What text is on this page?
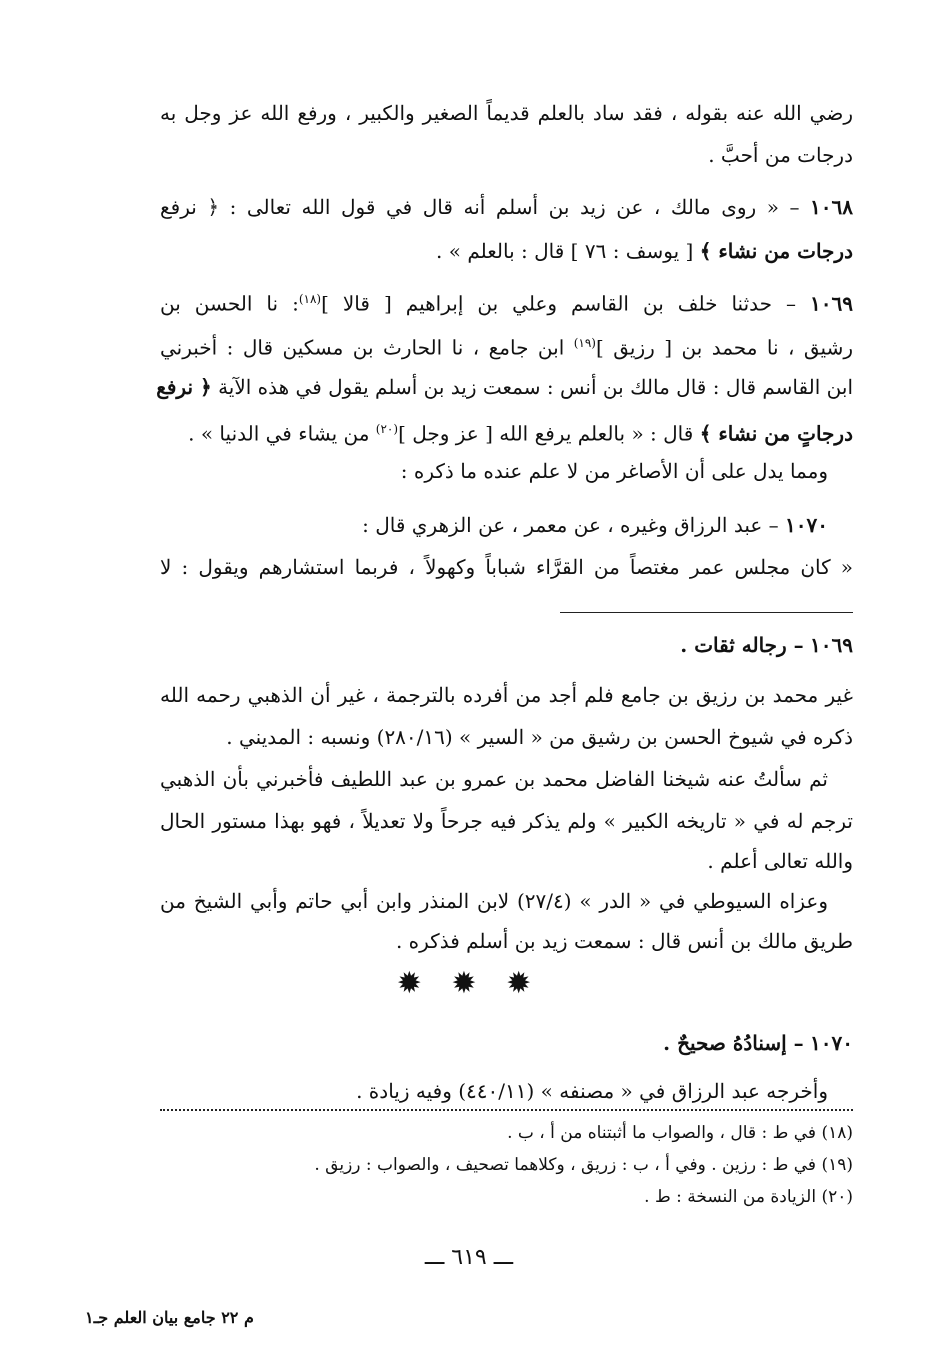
رضي الله عنه بقوله ، فقد ساد بالعلم قديماً الصغير والكبير ، ورفع الله عز وجل به
درجات من أحبَّ .
١٠٦٨ – « روى مالك ، عن زيد بن أسلم أنه قال في قول الله تعالى : ﴿ نرفع
درجات من نشاء ﴾ [ يوسف : ٧٦ ] قال : بالعلم » .
١٠٦٩ – حدثنا خلف بن القاسم وعلي بن إبراهيم [ قالا ]$^{(١٨)}$: نا الحسن بن
رشيق ، نا محمد بن [ رزيق ]$^{(١٩)}$ ابن جامع ، نا الحارث بن مسكين قال : أخبرني
ابن القاسم قال : قال مالك بن أنس : سمعت زيد بن أسلم يقول في هذه الآية ﴿ نرفع
درجاتٍ من نشاء ﴾ قال : « بالعلم يرفع الله [ عز وجل ]$^{(٢٠)}$ من يشاء في الدنيا » .
ومما يدل على أن الأصاغر من لا علم عنده ما ذكره :
١٠٧٠ – عبد الرزاق وغيره ، عن معمر ، عن الزهري قال :
« كان مجلس عمر مغتصاً من القرَّاء شباباً وكهولاً ، فربما استشارهم ويقول : لا
١٠٦٩ – رجاله ثقات .
غير محمد بن رزيق بن جامع فلم أجد من أفرده بالترجمة ، غير أن الذهبي رحمه الله
ذكره في شيوخ الحسن بن رشيق من « السير » (٢٨٠/١٦) ونسبه : المديني .
ثم سألتُ عنه شيخنا الفاضل محمد بن عمرو بن عبد اللطيف فأخبرني بأن الذهبي
ترجم له في « تاريخه الكبير » ولم يذكر فيه جرحاً ولا تعديلاً ، فهو بهذا مستور الحال
والله تعالى أعلم .
وعزاه السيوطي في « الدر » (٢٧/٤) لابن المنذر وابن أبي حاتم وأبي الشيخ من
طريق مالك بن أنس قال : سمعت زيد بن أسلم فذكره .
✹ ✹ ✹
١٠٧٠ – إسنادُهُ صحيحٌ .
وأخرجه عبد الرزاق في « مصنفه » (٤٤٠/١١) وفيه زيادة .
(١٨) في ط : قال ، والصواب ما أثبتناه من أ ، ب .
(١٩) في ط : رزين . وفي أ ، ب : زريق ، وكلاهما تصحيف ، والصواب : رزيق .
(٢٠) الزيادة من النسخة : ط .
ـــ ٦١٩ ـــ
م ٢٢ جامع بيان العلم جـ١
